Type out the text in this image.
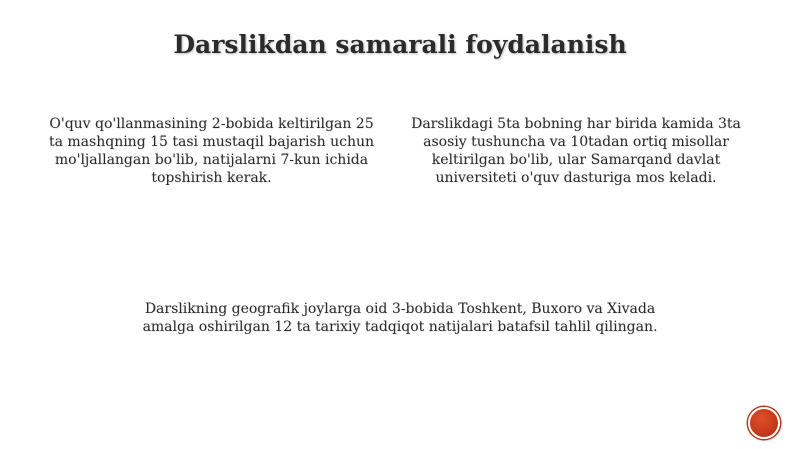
Darslikdan samarali foydalanish

O'quv qo'llanmasining 2-bobida keltirilgan 25 ta mashqning 15 tasi mustaqil bajarish uchun mo'ljallangan bo'lib, natijalarni 7-kun ichida topshirish kerak.

Darslikdagi 5ta bobning har birida kamida 3ta asosiy tushuncha va 10tadan ortiq misollar keltirilgan bo'lib, ular Samarqand davlat universiteti o'quv dasturiga mos keladi.

Darslikning geografik joylarga oid 3-bobida Toshkent, Buxoro va Xivada amalga oshirilgan 12 ta tarixiy tadqiqot natijalari batafsil tahlil qilingan.
